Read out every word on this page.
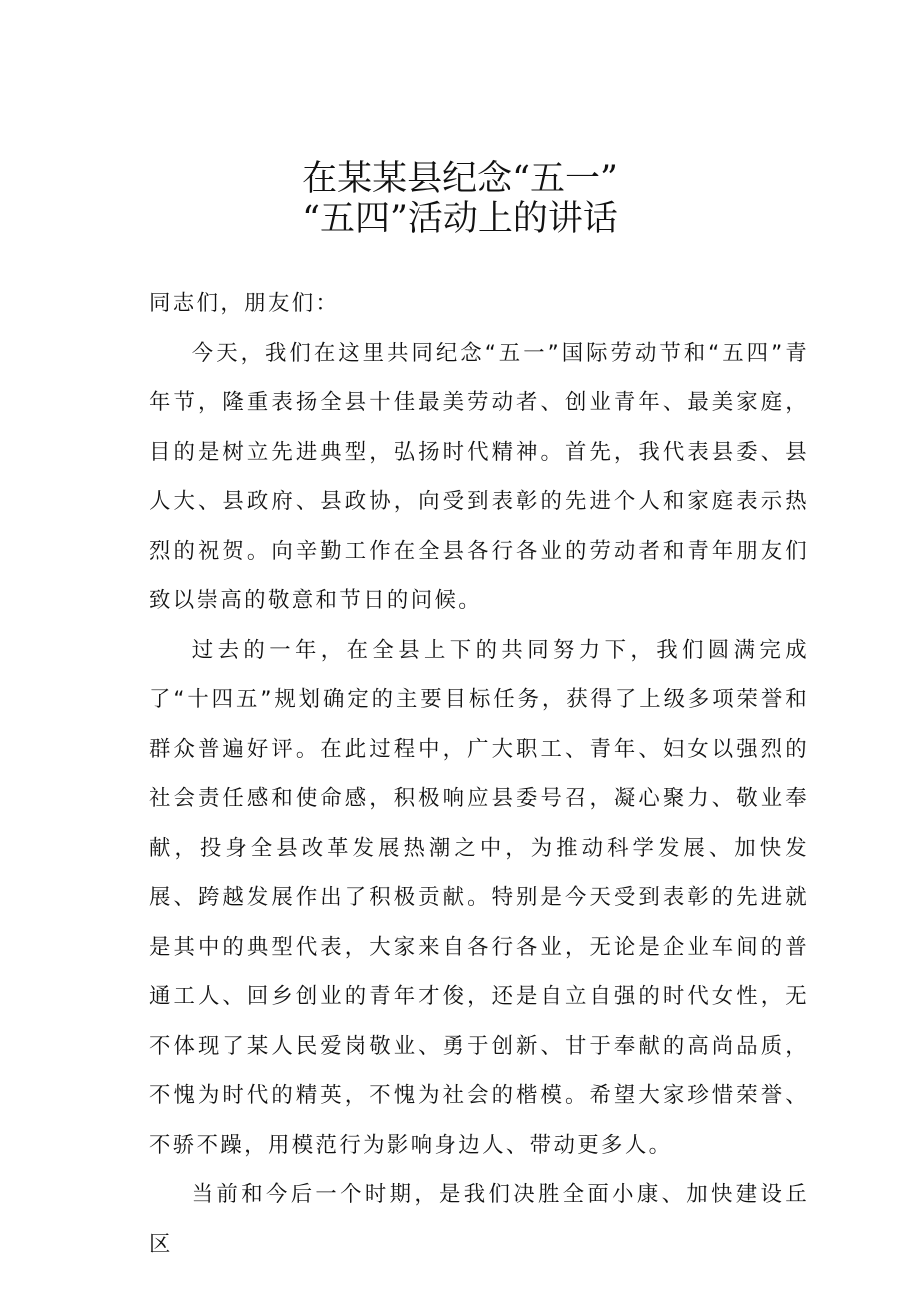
在某某县纪念“五一”
“五四”活动上的讲话

同志们，朋友们：

今天，我们在这里共同纪念“五一”国际劳动节和“五四”青年节，隆重表扬全县十佳最美劳动者、创业青年、最美家庭，目的是树立先进典型，弘扬时代精神。首先，我代表县委、县人大、县政府、县政协，向受到表彰的先进个人和家庭表示热烈的祝贺。向辛勤工作在全县各行各业的劳动者和青年朋友们致以崇高的敬意和节日的问候。

过去的一年，在全县上下的共同努力下，我们圆满完成了“十四五”规划确定的主要目标任务，获得了上级多项荣誉和群众普遍好评。在此过程中，广大职工、青年、妇女以强烈的社会责任感和使命感，积极响应县委号召，凝心聚力、敬业奉献，投身全县改革发展热潮之中，为推动科学发展、加快发展、跨越发展作出了积极贡献。特别是今天受到表彰的先进就是其中的典型代表，大家来自各行各业，无论是企业车间的普通工人、回乡创业的青年才俊，还是自立自强的时代女性，无不体现了某人民爱岗敬业、勇于创新、甘于奉献的高尚品质，不愧为时代的精英，不愧为社会的楷模。希望大家珍惜荣誉、不骄不躁，用模范行为影响身边人、带动更多人。

当前和今后一个时期，是我们决胜全面小康、加快建设丘区
